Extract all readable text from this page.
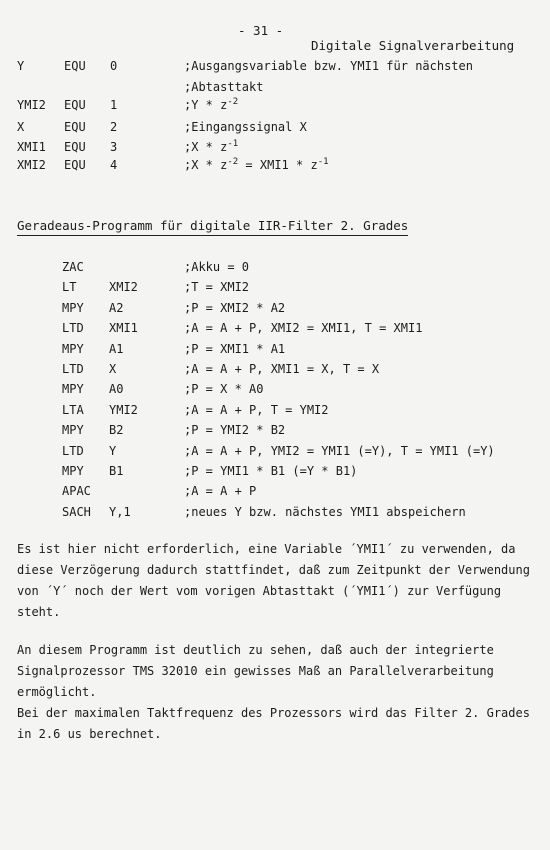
- 31 -

Digitale Signalverarbeitung

Y	EQU 0	;Ausgangsvariable bzw. YMI1 für nächsten
;Abtasttakt
YMI2 EQU 1	;Y * $z^{-2}$
X	EQU 2	;Eingangssignal X
XMI1 EQU 3	;X * $z^{-1}$
XMI2 EQU 4	;X * $z^{-2} = XMI1 * z^{-1}$
Geradeaus-Programm für digitale IIR-Filter 2. Grades
ZAC	;Akku = 0
LT	XMI2	;T = XMI2
MPY A2	;P = XMI2 * A2
LTD XMI1	;A = A + P, XMI2 = XMI1, T = XMI1
MPY A1	;P = XMI1 * A1
LTD X	;A = A + P, XMI1 = X, T = X
MPY A0	;P = X * A0
LTA YMI2	;A = A + P, T = YMI2
MPY B2	;P = YMI2 * B2
LTD Y	;A = A + P, YMI2 = YMI1 (=Y), T = YMI1 (=Y)
MPY B1	;P = YMI1 * B1 (=Y * B1)
APAC	;A = A + P
SACH Y,1	;neues Y bzw. nächstes YMI1 abspeichern
Es ist hier nicht erforderlich, eine Variable ´YMI1´ zu verwenden, da
diese Verzögerung dadurch stattfindet, daß zum Zeitpunkt der Verwendung
von ´Y´ noch der Wert vom vorigen Abtasttakt (´YMI1´) zur Verfügung
steht.
An diesem Programm ist deutlich zu sehen, daß auch der integrierte
Signalprozessor TMS 32010 ein gewisses Maß an Parallelverarbeitung
ermöglicht.
Bei der maximalen Taktfrequenz des Prozessors wird das Filter 2. Grades
in 2.6 us berechnet.
